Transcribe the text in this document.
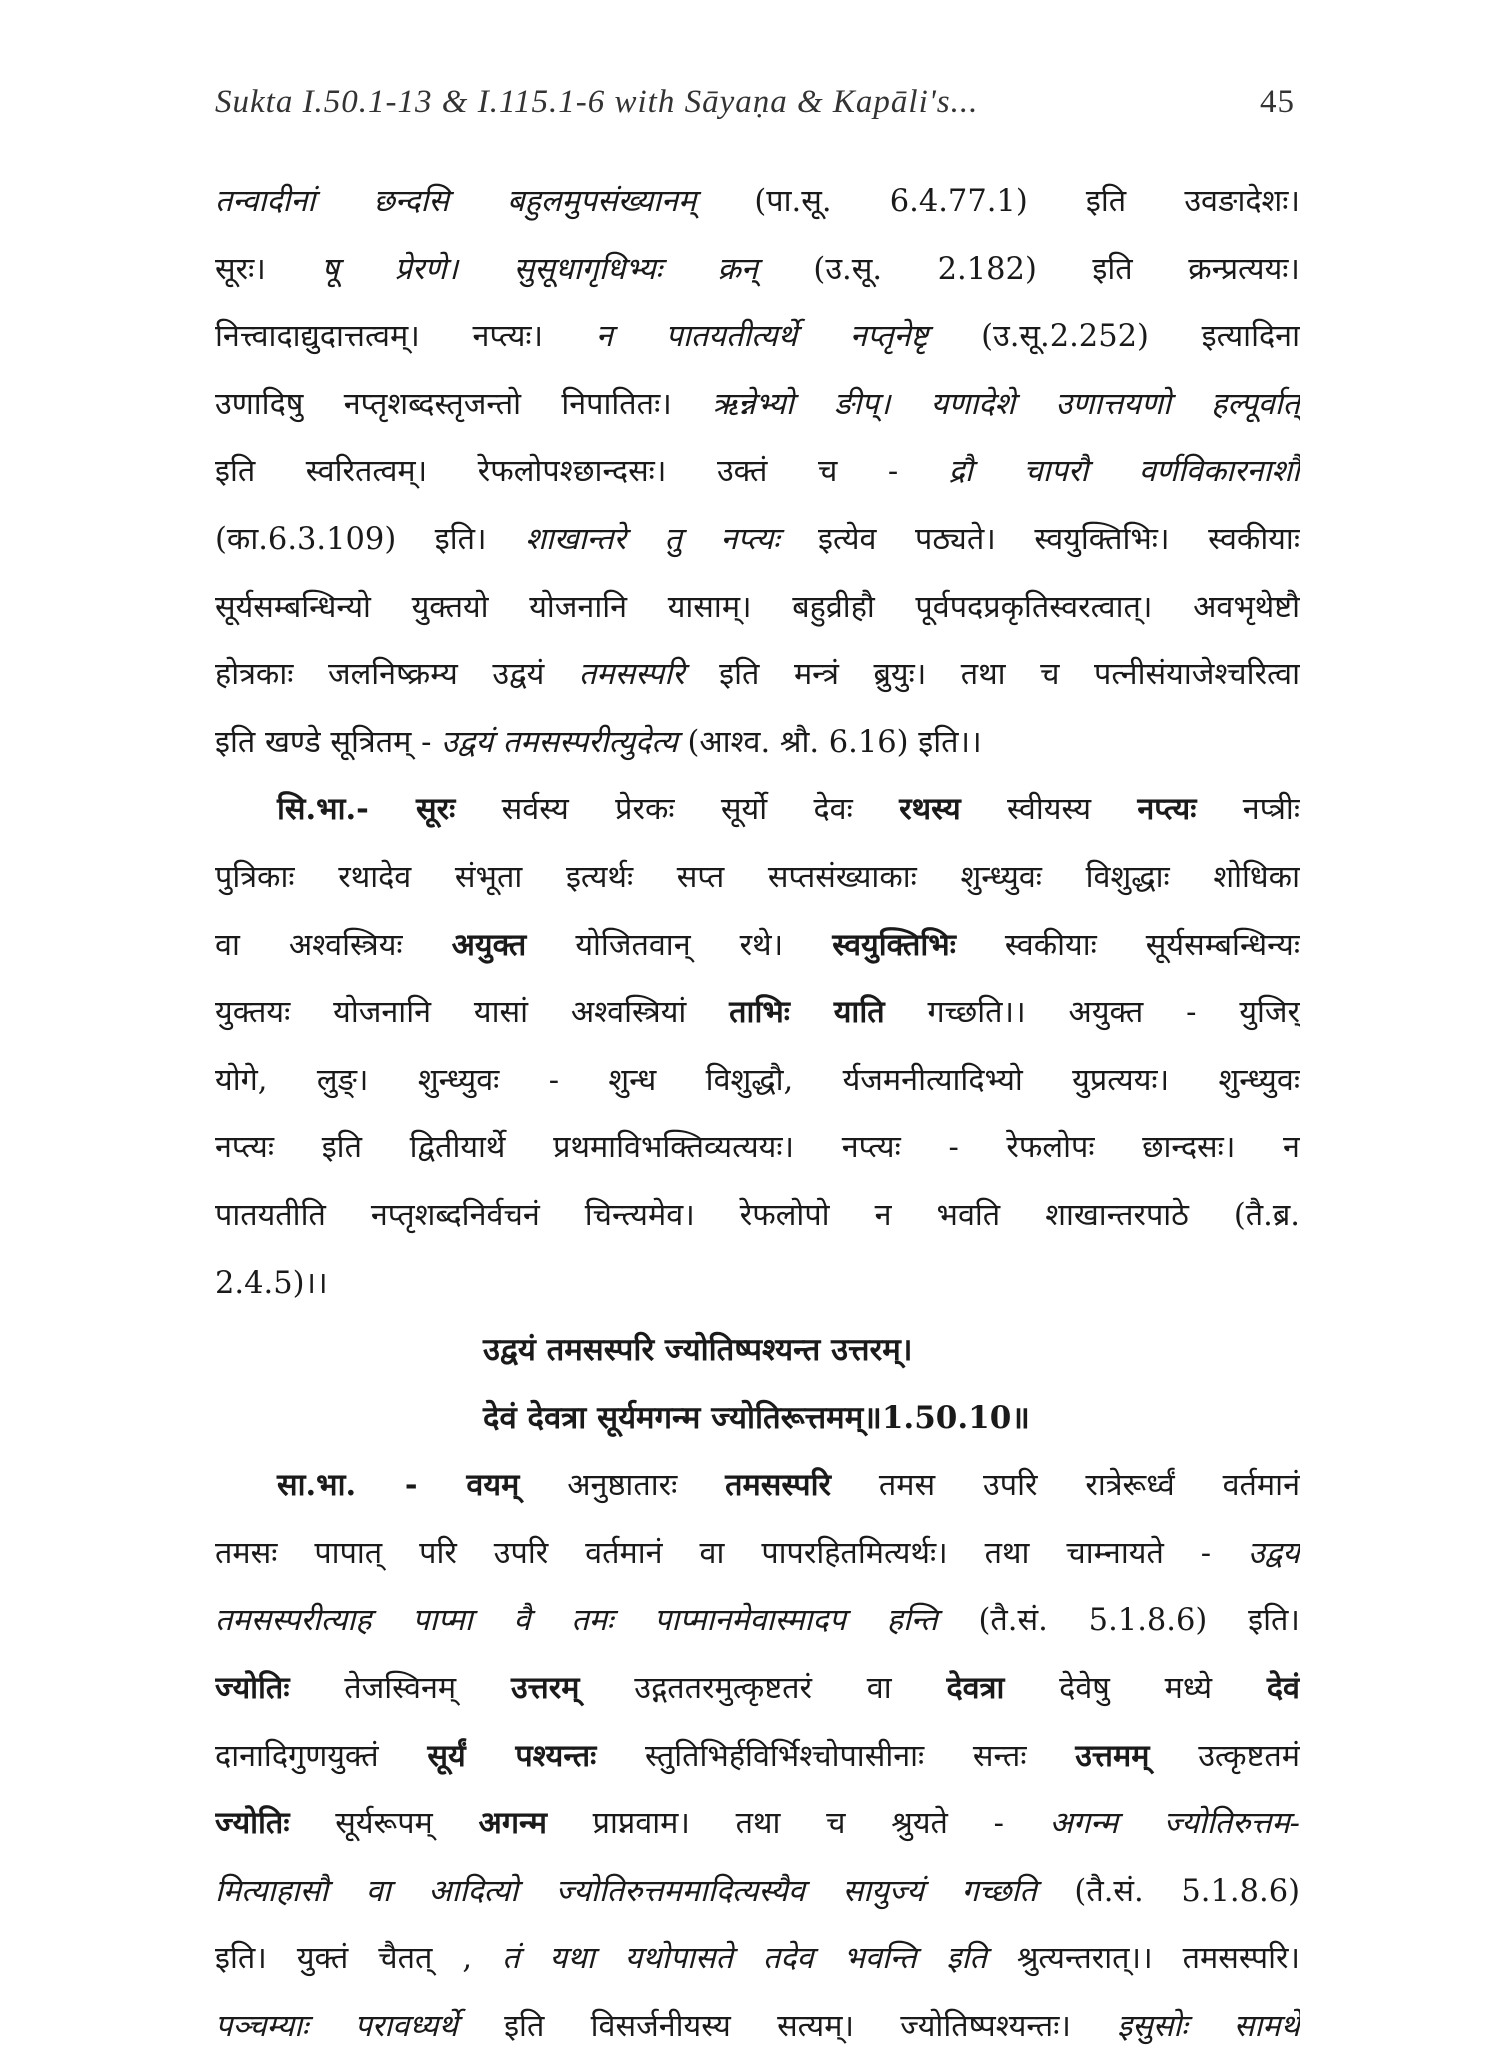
Sukta I.50.1-13 & I.115.1-6 with Sāyaṇa & Kapāli's...	45
तन्वादीनां छन्दसि बहुलमुपसंख्यानम् (पा.सू. 6.4.77.1) इति उवङादेशः।
सूरः। षू प्रेरणे। सुसूधागृधिभ्यः क्रन् (उ.सू. 2.182) इति क्रन्प्रत्ययः।
नित्त्वादाद्युदात्तत्वम्। नप्त्यः। न पातयतीत्यर्थे नप्तृनेष्टृ (उ.सू.2.252) इत्यादिना
उणादिषु नप्तृशब्दस्तृजन्तो निपातितः। ऋन्नेभ्यो ङीप्। यणादेशे उणात्तयणो हल्पूर्वात्
इति स्वरितत्वम्। रेफलोपश्छान्दसः। उक्तं च - द्रौ चापरौ वर्णविकारनाशौ
(का.6.3.109) इति। शाखान्तरे तु नप्त्यः इत्येव पठ्यते। स्वयुक्तिभिः। स्वकीयाः
सूर्यसम्बन्धिन्यो युक्तयो योजनानि यासाम्। बहुव्रीहौ पूर्वपदप्रकृतिस्वरत्वात्। अवभृथेष्टौ
होत्रकाः जलनिष्क्रम्य उद्वयं तमसस्परि इति मन्त्रं ब्रुयुः। तथा च पत्नीसंयाजेश्चरित्वा
इति खण्डे सूत्रितम् - उद्वयं तमसस्परीत्युदेत्य (आश्व. श्रौ. 6.16) इति।।
सि.भा.- सूरः सर्वस्य प्रेरकः सूर्यो देवः रथस्य स्वीयस्य नप्त्यः नप्त्रीः
पुत्रिकाः रथादेव संभूता इत्यर्थः सप्त सप्तसंख्याकाः शुन्ध्युवः विशुद्धाः शोधिका
वा अश्वस्त्रियः अयुक्त योजितवान् रथे। स्वयुक्तिभिः स्वकीयाः सूर्यसम्बन्धिन्यः
युक्तयः योजनानि यासां अश्वस्त्रियां ताभिः याति गच्छति।। अयुक्त - युजिर्
योगे, लुङ्। शुन्ध्युवः - शुन्ध विशुद्धौ, र्यजमनीत्यादिभ्यो युप्रत्ययः। शुन्ध्युवः
नप्त्यः इति द्वितीयार्थे प्रथमाविभक्तिव्यत्ययः। नप्त्यः - रेफलोपः छान्दसः। न
पातयतीति नप्तृशब्दनिर्वचनं चिन्त्यमेव। रेफलोपो न भवति शाखान्तरपाठे (तै.ब्र.
2.4.5)।।
उद्वयं तमसस्परि ज्योतिष्पश्यन्त उत्तरम्।
देवं देवत्रा सूर्यमगन्म ज्योतिरूत्तमम्॥1.50.10॥
सा.भा. - वयम् अनुष्ठातारः तमसस्परि तमस उपरि रात्रेरूर्ध्वं वर्तमानं
तमसः पापात् परि उपरि वर्तमानं वा पापरहितमित्यर्थः। तथा चाम्नायते - उद्वयं
तमसस्परीत्याह पाप्मा वै तमः पाप्मानमेवास्मादप हन्ति (तै.सं. 5.1.8.6) इति।
ज्योतिः तेजस्विनम् उत्तरम् उद्गततरमुत्कृष्टतरं वा देवत्रा देवेषु मध्ये देवं
दानादिगुणयुक्तं सूर्यं पश्यन्तः स्तुतिभिर्हविर्भिश्चोपासीनाः सन्तः उत्तमम् उत्कृष्टतमं
ज्योतिः सूर्यरूपम् अगन्म प्राप्नवाम। तथा च श्रुयते - अगन्म ज्योतिरुत्तम-
मित्याहासौ वा आदित्यो ज्योतिरुत्तममादित्यस्यैव सायुज्यं गच्छति (तै.सं. 5.1.8.6)
इति। युक्तं चैतत् , तं यथा यथोपासते तदेव भवन्ति इति श्रुत्यन्तरात्।। तमसस्परि।
पञ्चम्याः परावध्यर्थे इति विसर्जनीयस्य सत्यम्। ज्योतिष्पश्यन्तः। इसुसोः सामर्थे
